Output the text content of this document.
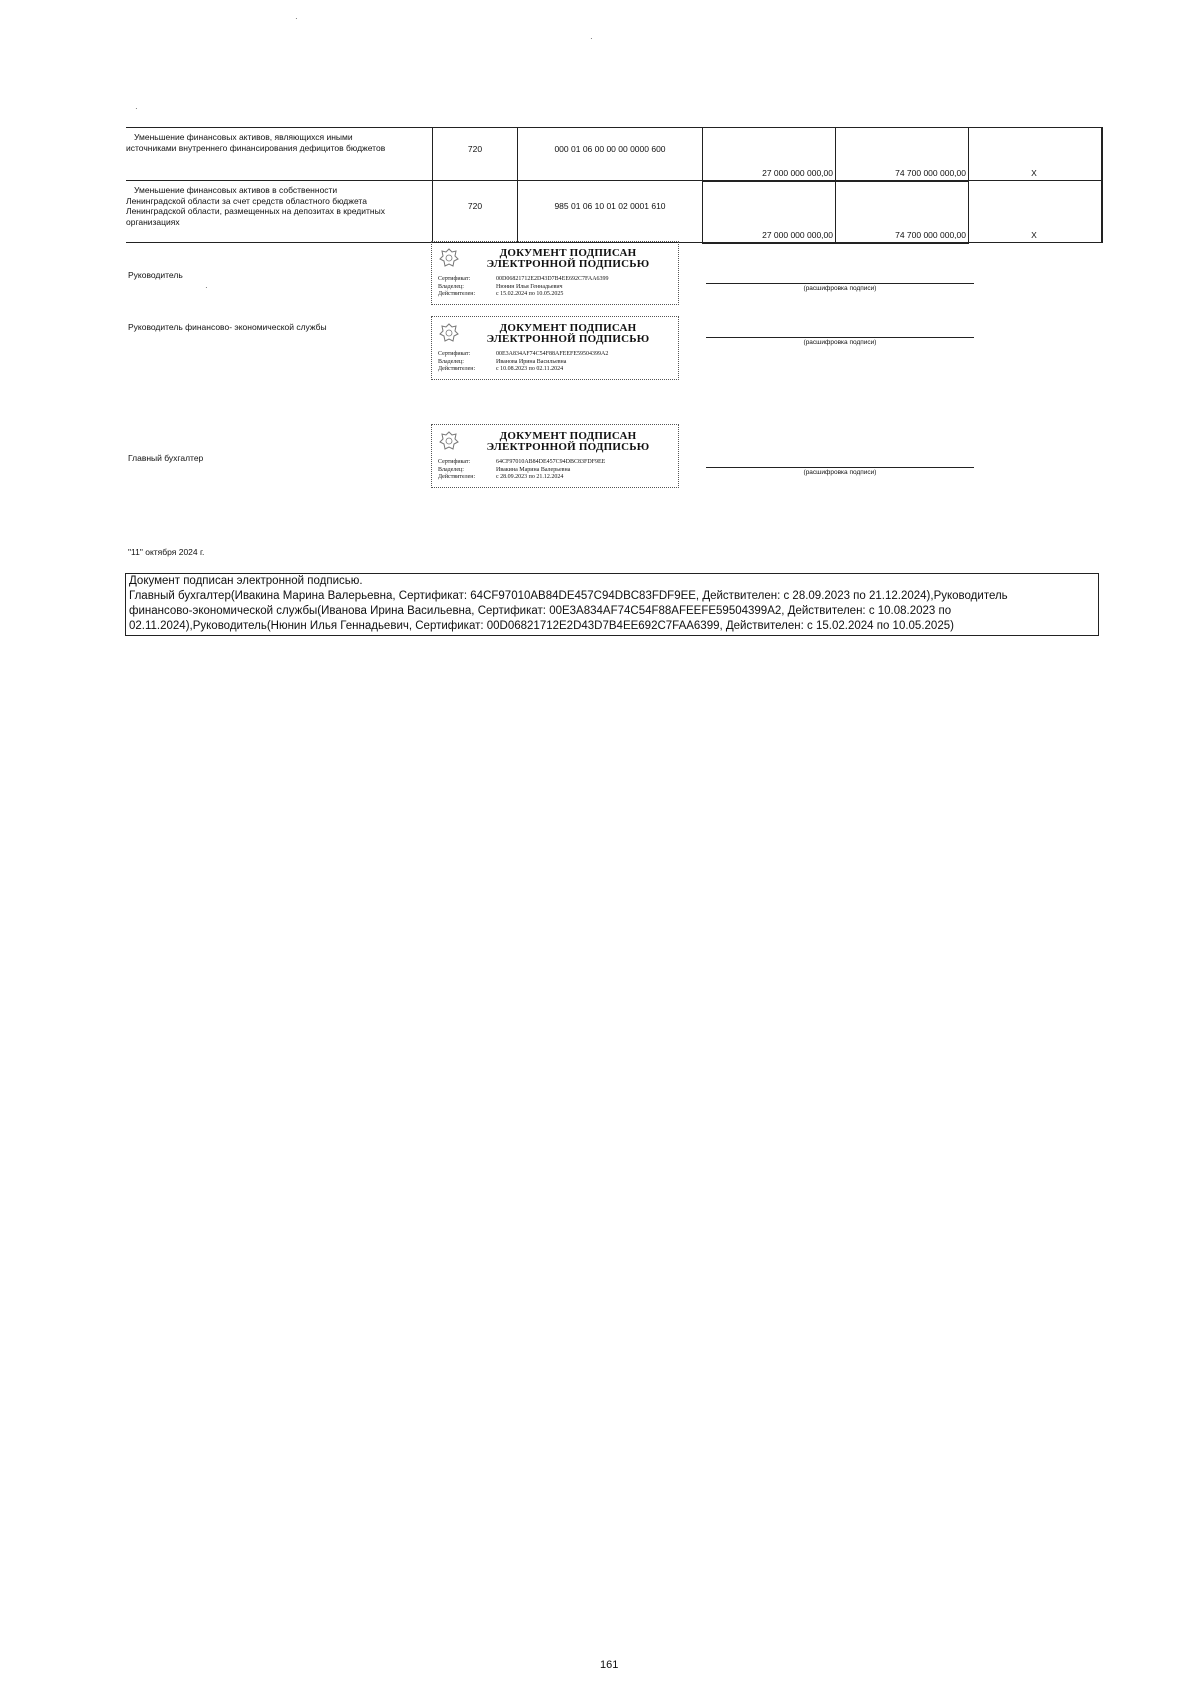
·
·
·
·
Уменьшение финансовых активов, являющихся иными
источниками внутреннего финансирования дефицитов бюджетов	720	000 01 06 00 00 00 0000 600	27 000 000 000,00	74 700 000 000,00	X

Уменьшение финансовых активов в собственности
Ленинградской области за счет средств областного бюджета
Ленинградской области, размещенных на депозитах в кредитных
организациях	720	985 01 06 10 01 02 0001 610	27 000 000 000,00	74 700 000 000,00	X
Руководитель
ДОКУМЕНТ ПОДПИСАН
ЭЛЕКТРОННОЙ ПОДПИСЬЮ
Сертификат:	00D06821712E2D43D7B4EE692C7FAA6399
Владелец:	Нюнин Илья Геннадьевич
Действителен:	с 15.02.2024 по 10.05.2025
(расшифровка подписи)
Руководитель финансово- экономической службы	ДОКУМЕНТ ПОДПИСАН
ЭЛЕКТРОННОЙ ПОДПИСЬЮ
Сертификат:	00E3A834AF74C54F88AFEEFE59504399A2
Владелец:	Иванова Ирина Васильевна
Действителен:	с 10.08.2023 по 02.11.2024
(расшифровка подписи)
Главный бухгалтер
ДОКУМЕНТ ПОДПИСАН
ЭЛЕКТРОННОЙ ПОДПИСЬЮ
Сертификат:	64CF97010AB84DE457C94DBC83FDF9EE
Владелец:	Ивакина Марина Валерьевна
Действителен:	с 28.09.2023 по 21.12.2024
(расшифровка подписи)
"11" октября 2024 г.
Документ подписан электронной подписью.
Главный бухгалтер(Ивакина Марина Валерьевна, Сертификат: 64CF97010AB84DE457C94DBC83FDF9EE, Действителен: с 28.09.2023 по 21.12.2024),Руководитель
финансово-экономической службы(Иванова Ирина Васильевна, Сертификат: 00E3A834AF74C54F88AFEEFE59504399A2, Действителен: с 10.08.2023 по
02.11.2024),Руководитель(Нюнин Илья Геннадьевич, Сертификат: 00D06821712E2D43D7B4EE692C7FAA6399, Действителен: с 15.02.2024 по 10.05.2025)
161
